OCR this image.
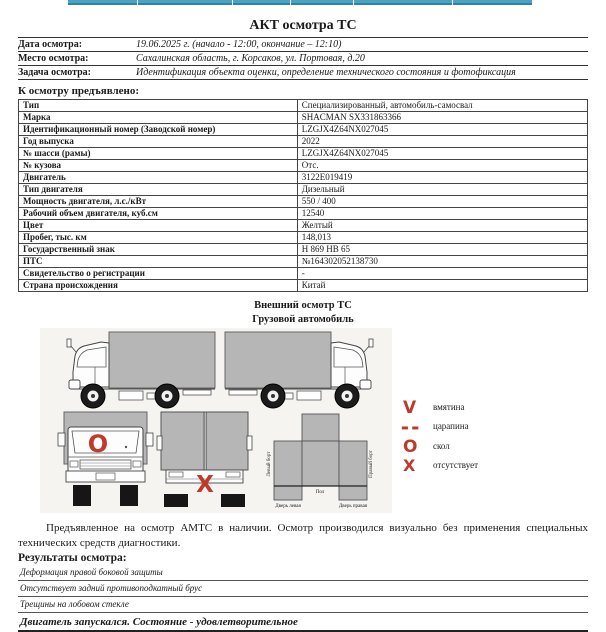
АКТ осмотра ТС
Дата осмотра:	19.06.2025 г. (начало - 12:00, окончание – 12:10)
Место осмотра:	Сахалинская область, г. Корсаков, ул. Портовая, д.20
Задача осмотра:	Идентификация объекта оценки, определение технического состояния и фотофиксация
К осмотру предъявлено:
Тип	Специализированный, автомобиль-самосвал
Марка	SHACMAN SX331863366
Идентификационный номер (Заводской номер)	LZGJX4Z64NX027045
Год выпуска	2022
№ шасси (рамы)	LZGJX4Z64NX027045
№ кузова	Отс.
Двигатель	3122E019419
Тип двигателя	Дизельный
Мощность двигателя, л.с./кВт	550 / 400
Рабочий объем двигателя, куб.см	12540
Цвет	Желтый
Пробег, тыс. км	148,013
Государственный знак	Н 869 НВ 65
ПТС	№164302052138730
Свидетельство о регистрации	-
Страна происхождения	Китай
Внешний осмотр ТС
Грузовой автомобиль
O
X
Левый борт	Правый борт
Пол
Дверь левая	Дверь правая
V
▬ ▬
O
X
вмятина
царапина
скол
отсутствует
Предъявленное на осмотр АМТС в наличии. Осмотр производился визуально без применения специальных технических средств диагностики.
Результаты осмотра:
Деформация правой боковой защиты
Отсутствует задний противоподкатный брус
Трещины на лобовом стекле
Двигатель запускался. Состояние - удовлетворительное
